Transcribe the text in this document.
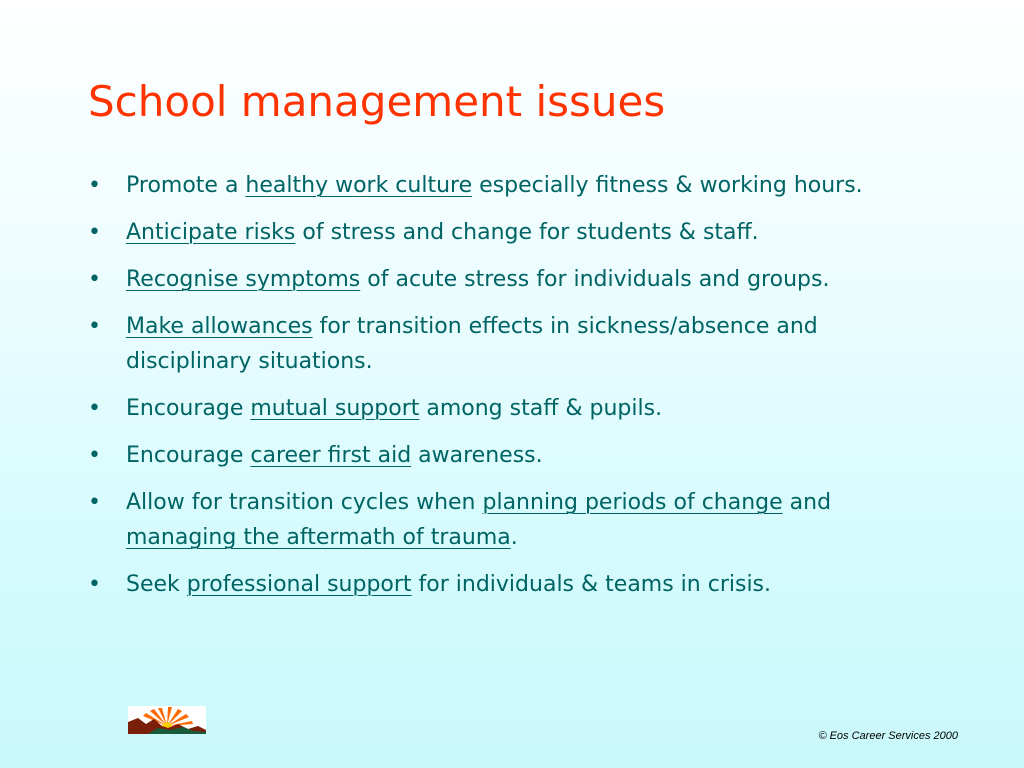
School management issues
•	Promote a healthy work culture especially fitness & working hours.
•	Anticipate risks of stress and change for students & staff.
•	Recognise symptoms of acute stress for individuals and groups.
•	Make allowances for transition effects in sickness/absence and disciplinary situations.
•	Encourage mutual support among staff & pupils.
•	Encourage career first aid awareness.
•	Allow for transition cycles when planning periods of change and managing the aftermath of trauma.
•	Seek professional support for individuals & teams in crisis.
© Eos Career Services 2000
